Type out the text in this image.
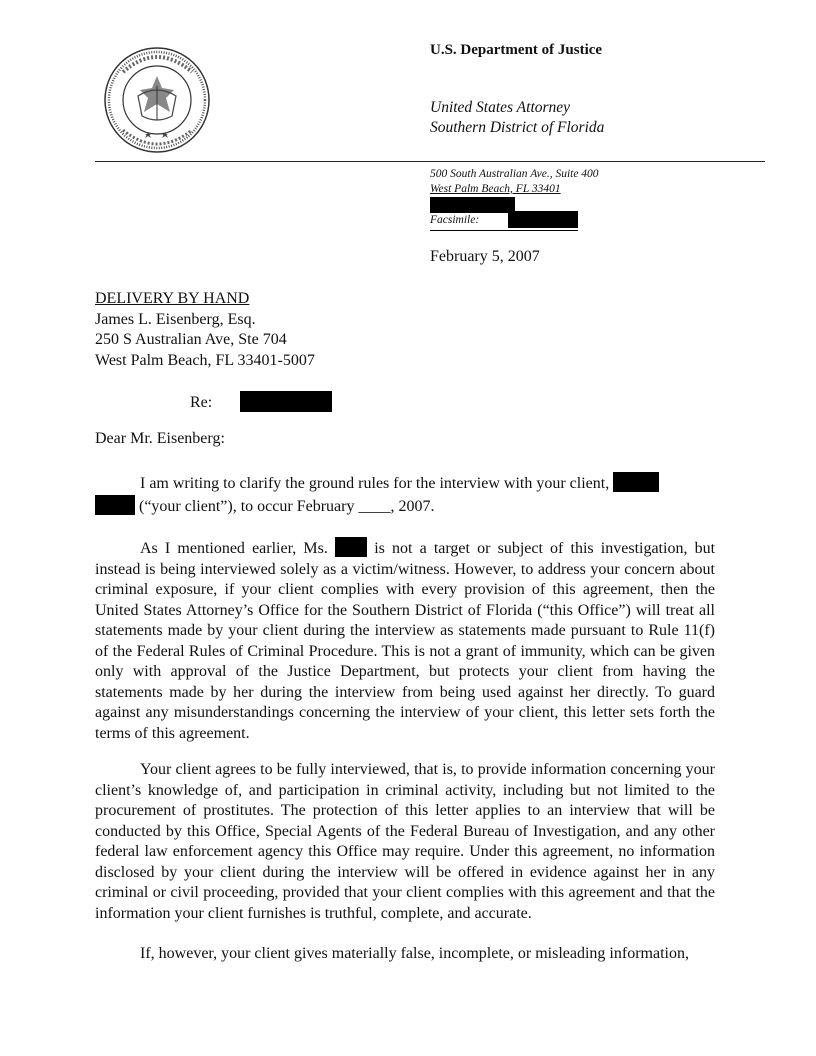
U.S. Department of Justice
United States Attorney
Southern District of Florida
500 South Australian Ave., Suite 400
West Palm Beach, FL 33401
Facsimile:
February 5, 2007
DELIVERY BY HAND
James L. Eisenberg, Esq.
250 S Australian Ave, Ste 704
West Palm Beach, FL 33401-5007
Re:
Dear Mr. Eisenberg:
I am writing to clarify the ground rules for the interview with your client,
(“your client”), to occur February ____, 2007.
As I mentioned earlier, Ms.	is not a target or subject of this investigation, but instead is being interviewed solely as a victim/witness. However, to address your concern about criminal exposure, if your client complies with every provision of this agreement, then the United States Attorney’s Office for the Southern District of Florida (“this Office”) will treat all statements made by your client during the interview as statements made pursuant to Rule 11(f) of the Federal Rules of Criminal Procedure. This is not a grant of immunity, which can be given only with approval of the Justice Department, but protects your client from having the statements made by her during the interview from being used against her directly. To guard against any misunderstandings concerning the interview of your client, this letter sets forth the terms of this agreement.
Your client agrees to be fully interviewed, that is, to provide information concerning your client’s knowledge of, and participation in criminal activity, including but not limited to the procurement of prostitutes. The protection of this letter applies to an interview that will be conducted by this Office, Special Agents of the Federal Bureau of Investigation, and any other federal law enforcement agency this Office may require. Under this agreement, no information disclosed by your client during the interview will be offered in evidence against her in any criminal or civil proceeding, provided that your client complies with this agreement and that the information your client furnishes is truthful, complete, and accurate.
If, however, your client gives materially false, incomplete, or misleading information,
